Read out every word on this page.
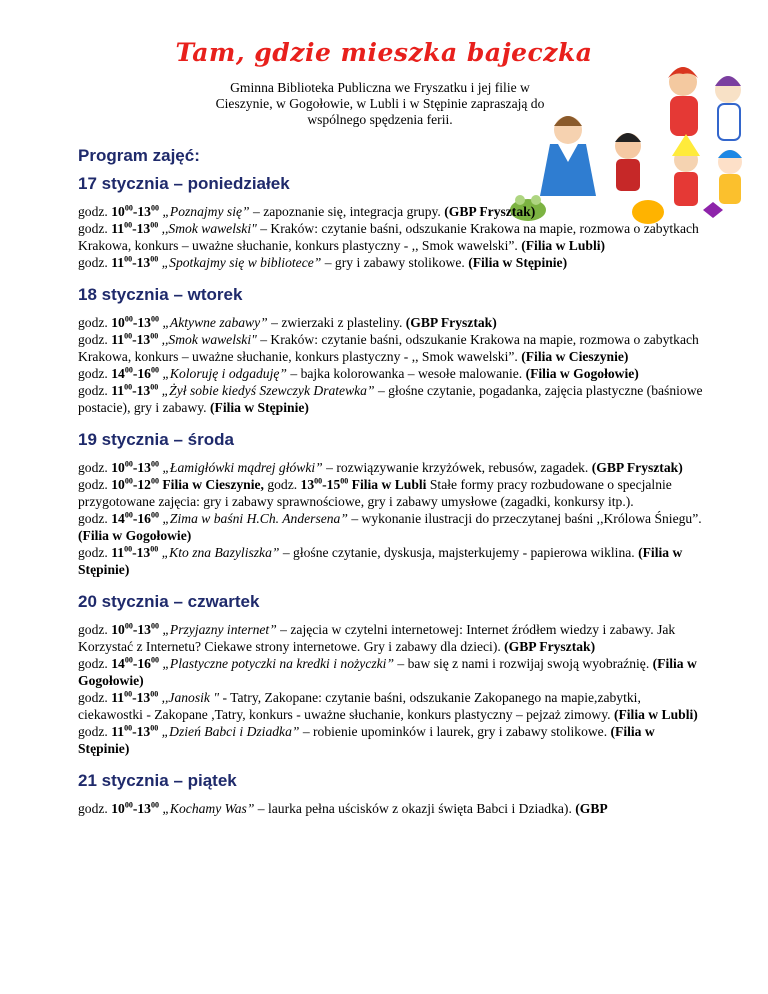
Tam, gdzie mieszka bajeczka
Gminna Biblioteka Publiczna we Fryszatku i jej filie w Cieszynie, w Gogołowie, w Lubli i w Stępinie zapraszają do wspólnego spędzenia ferii.
Program zajęć:
17 stycznia – poniedziałek

godz. $10^{00}-13^{00}$ „Poznajmy się” – zapoznanie się, integracja grupy. (GBP Frysztak)

godz. $11^{00}-13^{00}$ ,,Smok wawelski" – Kraków: czytanie baśni, odszukanie Krakowa na mapie, rozmowa o zabytkach Krakowa, konkurs – uważne słuchanie, konkurs plastyczny - ,, Smok wawelski”. (Filia w Lubli)

godz. $11^{00}-13^{00}$ „Spotkajmy się w bibliotece” – gry i zabawy stolikowe. (Filia w Stępinie)

18 stycznia – wtorek

godz. $10^{00}-13^{00}$ „Aktywne zabawy” – zwierzaki z plasteliny. (GBP Frysztak)

godz. $11^{00}-13^{00}$ ,,Smok wawelski" – Kraków: czytanie baśni, odszukanie Krakowa na mapie, rozmowa o zabytkach Krakowa, konkurs – uważne słuchanie, konkurs plastyczny - ,, Smok wawelski”. (Filia w Cieszynie)

godz. $14^{00}-16^{00}$ „Koloruję i odgaduję” – bajka kolorowanka – wesołe malowanie. (Filia w Gogołowie)

godz. $11^{00}-13^{00}$ „Żył sobie kiedyś Szewczyk Dratewka” – głośne czytanie, pogadanka, zajęcia plastyczne (baśniowe postacie), gry i zabawy. (Filia w Stępinie)

19 stycznia – środa

godz. $10^{00}-13^{00}$ „Łamigłówki mądrej główki” – rozwiązywanie krzyżówek, rebusów, zagadek. (GBP Frysztak)

godz. $10^{00}-12^{00}$ Filia w Cieszynie, godz. $13^{00}-15^{00}$ Filia w Lubli Stałe formy pracy rozbudowane o specjalnie przygotowane zajęcia: gry i zabawy sprawnościowe, gry i zabawy umysłowe (zagadki, konkursy itp.).

godz. $14^{00}-16^{00}$ „Zima w baśni H.Ch. Andersena” – wykonanie ilustracji do przeczytanej baśni ,,Królowa Śniegu”. (Filia w Gogołowie)

godz. $11^{00}-13^{00}$ „Kto zna Bazyliszka” – głośne czytanie, dyskusja, majsterkujemy - papierowa wiklina. (Filia w Stępinie)

20 stycznia – czwartek

godz. $10^{00}-13^{00}$ „Przyjazny internet” – zajęcia w czytelni internetowej: Internet źródłem wiedzy i zabawy. Jak Korzystać z Internetu? Ciekawe strony internetowe. Gry i zabawy dla dzieci). (GBP Frysztak)

godz. $14^{00}-16^{00}$ „Plastyczne potyczki na kredki i nożyczki” – baw się z nami i rozwijaj swoją wyobraźnię. (Filia w Gogołowie)

godz. $11^{00}-13^{00}$ ,,Janosik " - Tatry, Zakopane: czytanie baśni, odszukanie Zakopanego na mapie,zabytki, ciekawostki - Zakopane ,Tatry, konkurs - uważne słuchanie, konkurs plastyczny – pejzaż zimowy. (Filia w Lubli)

godz. $11^{00}-13^{00}$ „Dzień Babci i Dziadka” – robienie upominków i laurek, gry i zabawy stolikowe. (Filia w Stępinie)

21 stycznia – piątek

godz. $10^{00}-13^{00}$ „Kochamy Was” – laurka pełna uścisków z okazji święta Babci i Dziadka). (GBP
